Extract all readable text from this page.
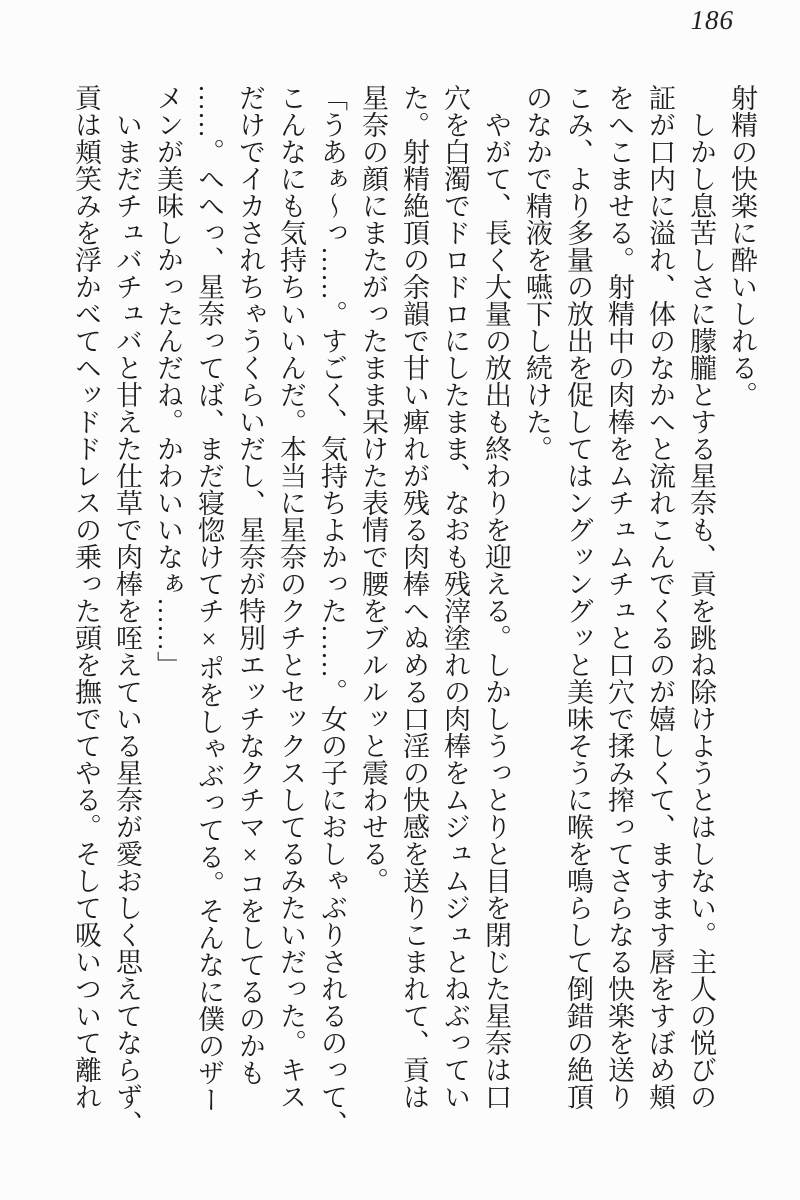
186

射精の快楽に酔いしれる。

　しかし息苦しさに朦朧とする星奈も、貢を跳ね除けようとはしない。主人の悦びの

証が口内に溢れ、体のなかへと流れこんでくるのが嬉しくて、ますます唇をすぼめ頬

をへこませる。射精中の肉棒をムチュムチュと口穴で揉み搾ってさらなる快楽を送り

こみ、より多量の放出を促してはングッングッと美味そうに喉を鳴らして倒錯の絶頂

のなかで精液を嚥下し続けた。

　やがて、長く大量の放出も終わりを迎える。しかしうっとりと目を閉じた星奈は口

穴を白濁でドロドロにしたまま、なおも残滓塗れの肉棒をムジュムジュとねぶってい

た。射精絶頂の余韻で甘い痺れが残る肉棒へぬめる口淫の快感を送りこまれて、貢は

星奈の顔にまたがったまま呆けた表情で腰をブルルッと震わせる。

「うあぁ〜っ……。すごく、気持ちよかった……。女の子におしゃぶりされるのって、

こんなにも気持ちいいんだ。本当に星奈のクチとセックスしてるみたいだった。キス

だけでイカされちゃうくらいだし、星奈が特別エッチなクチマ×コをしてるのかも

……。へへっ、星奈ってば、まだ寝惚けてチ×ポをしゃぶってる。そんなに僕のザー

メンが美味しかったんだね。かわいいなぁ……」

　いまだチュバチュバと甘えた仕草で肉棒を咥えている星奈が愛おしく思えてならず、

貢は頬笑みを浮かべてヘッドドレスの乗った頭を撫でてやる。そして吸いついて離れ
